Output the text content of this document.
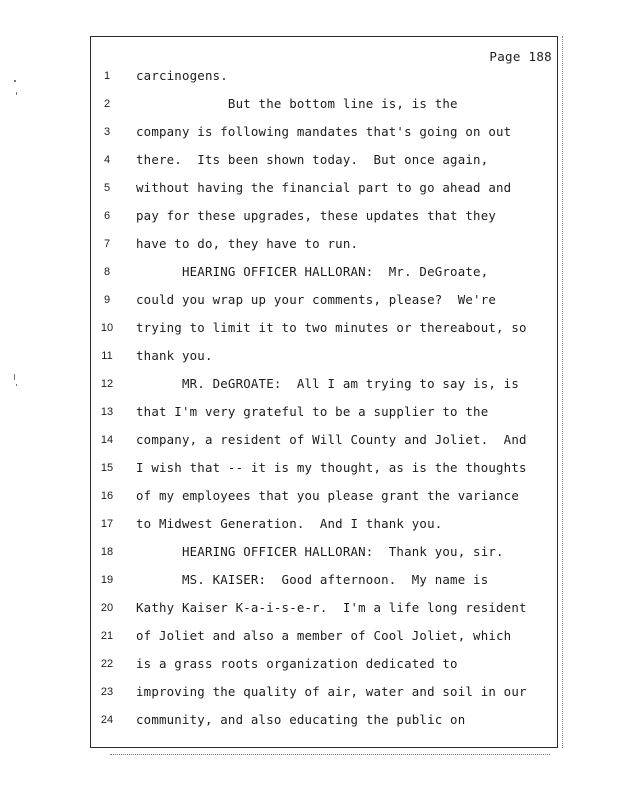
Page 188
1	carcinogens.
2	But the bottom line is, is the
3	company is following mandates that's going on out
4	there.  Its been shown today.  But once again,
5	without having the financial part to go ahead and
6	pay for these upgrades, these updates that they
7	have to do, they have to run.
8	HEARING OFFICER HALLORAN:  Mr. DeGroate,
9	could you wrap up your comments, please?  We're
10	trying to limit it to two minutes or thereabout, so
11	thank you.
12	MR. DeGROATE:  All I am trying to say is, is
13	that I'm very grateful to be a supplier to the
14	company, a resident of Will County and Joliet.  And
15	I wish that -- it is my thought, as is the thoughts
16	of my employees that you please grant the variance
17	to Midwest Generation.  And I thank you.
18	HEARING OFFICER HALLORAN:  Thank you, sir.
19	MS. KAISER:  Good afternoon.  My name is
20	Kathy Kaiser K-a-i-s-e-r.  I'm a life long resident
21	of Joliet and also a member of Cool Joliet, which
22	is a grass roots organization dedicated to
23	improving the quality of air, water and soil in our
24	community, and also educating the public on
